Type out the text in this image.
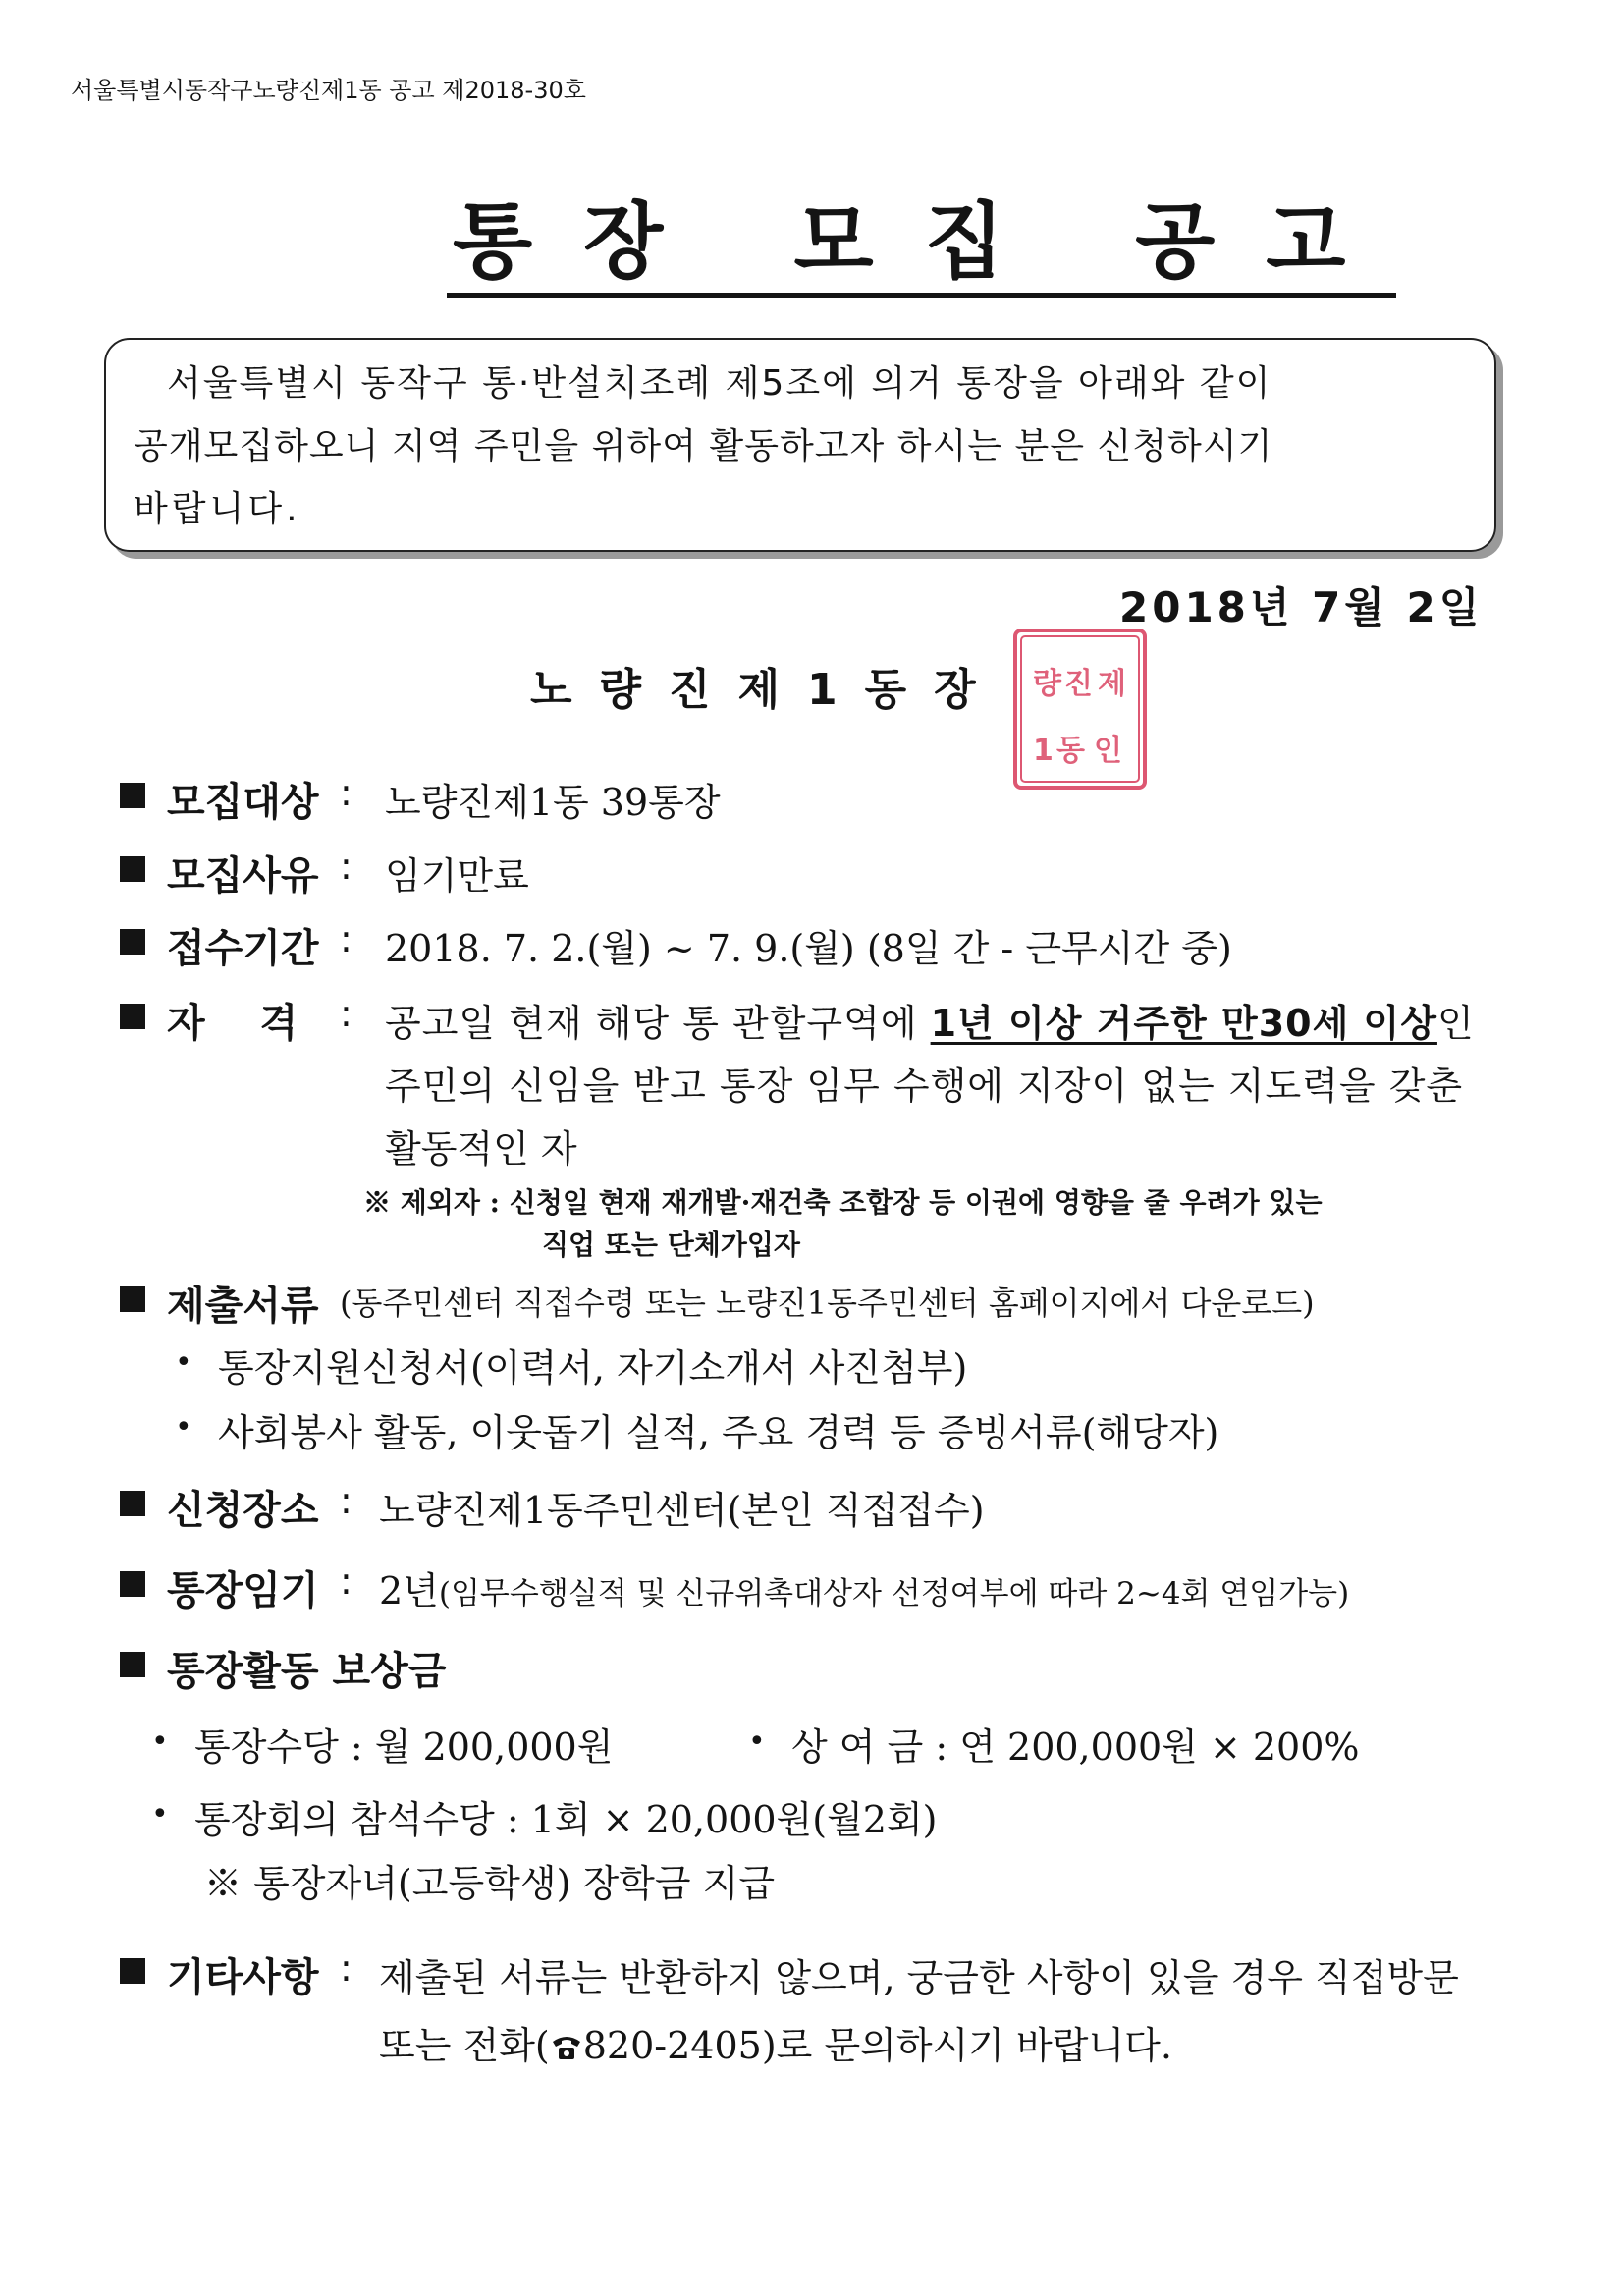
서울특별시동작구노량진제1동 공고 제2018-30호
통장 모집 공고
서울특별시 동작구 통·반설치조례 제5조에 의거 통장을 아래와 같이
공개모집하오니 지역 주민을 위하여 활동하고자 하시는 분은 신청하시기
바랍니다.
2018년 7월 2일
노량진제1동장 량 진 제
1 동 인
모집대상 : 노량진제1동 39통장
모집사유 : 임기만료
접수기간 : 2018. 7. 2.(월) ~ 7. 9.(월) (8일 간 - 근무시간 중)
자    격 : 공고일 현재 해당 통 관할구역에 1년 이상 거주한 만30세 이상인
주민의 신임을 받고 통장 임무 수행에 지장이 없는 지도력을 갖춘
활동적인 자
※ 제외자 : 신청일 현재 재개발·재건축 조합장 등 이권에 영향을 줄 우려가 있는
직업 또는 단체가입자
제출서류 (동주민센터 직접수령 또는 노량진1동주민센터 홈페이지에서 다운로드)
• 통장지원신청서(이력서, 자기소개서 사진첨부)
• 사회봉사 활동, 이웃돕기 실적, 주요 경력 등 증빙서류(해당자)
신청장소 : 노량진제1동주민센터(본인 직접접수)
통장임기 : 2년(임무수행실적 및 신규위촉대상자 선정여부에 따라 2~4회 연임가능)
통장활동 보상금
• 통장수당 : 월 200,000원	• 상 여 금 : 연 200,000원 × 200%
• 통장회의 참석수당 : 1회 × 20,000원(월2회)
※ 통장자녀(고등학생) 장학금 지급
기타사항 : 제출된 서류는 반환하지 않으며, 궁금한 사항이 있을 경우 직접방문
또는 전화( 820-2405)로 문의하시기 바랍니다.
